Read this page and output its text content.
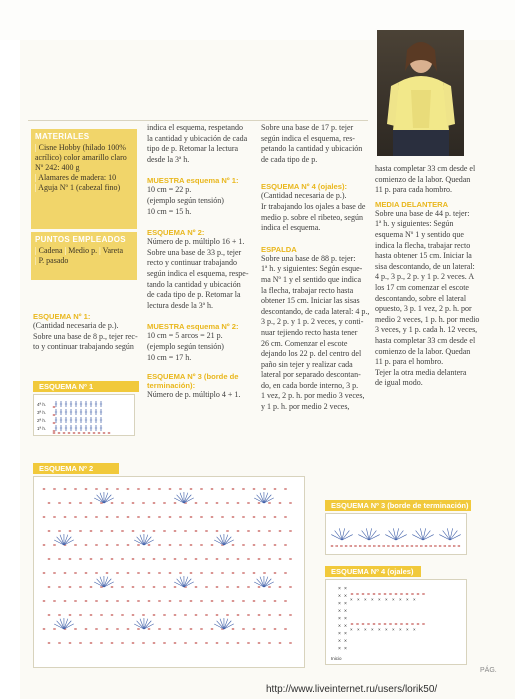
MATERIALES

| Cisne Hobby (hilado 100%

acrílico) color amarillo claro

Nº 242: 400 g

| Alamares de madera: 10

| Aguja Nº 1 (cabezal fino)

PUNTOS EMPLEADOS

| Cadena | Medio p. | Vareta

| P. pasado

ESQUEMA Nº 1:

(Cantidad necesaria de p.).

Sobre una base de 8 p., tejer rec-

to y continuar trabajando según

indica el esquema, respetando

la cantidad y ubicación de cada

tipo de p. Retomar la lectura

desde la 3ª h.

MUESTRA esquema Nº 1:

10 cm = 22 p.

(ejemplo según tensión)

10 cm = 15 h.

ESQUEMA Nº 2:

Número de p. múltiplo 16 + 1.

Sobre una base de 33 p., tejer

recto y continuar trabajando

según indica el esquema, respe-

tando la cantidad y ubicación

de cada tipo de p. Retomar la

lectura desde la 3ª h.

MUESTRA esquema Nº 2:

10 cm = 5 arcos = 21 p.

(ejemplo según tensión)

10 cm = 17 h.

ESQUEMA Nº 3 (borde de

terminación):

Número de p. múltiplo 4 + 1.

Sobre una base de 17 p. tejer

según indica el esquema, res-

petando la cantidad y ubicación

de cada tipo de p.

ESQUEMA Nº 4 (ojales):

(Cantidad necesaria de p.).

Ir trabajando los ojales a base de

medio p. sobre el ribeteo, según

indica el esquema.

ESPALDA

Sobre una base de 88 p. tejer:

1ª h. y siguientes: Según esque-

ma Nº 1 y el sentido que indica

la flecha, trabajar recto hasta

obtener 15 cm. Iniciar las sisas

descontando, de cada lateral: 4 p.,

3 p., 2 p. y 1 p. 2 veces, y conti-

nuar tejiendo recto hasta tener

26 cm. Comenzar el escote

dejando los 22 p. del centro del

paño sin tejer y realizar cada

lateral por separado descontan-

do, en cada borde interno, 3 p.

1 vez, 2 p. h. por medio 3 veces,

y 1 p. h. por medio 2 veces,

hasta completar 33 cm desde el

comienzo de la labor. Quedan

11 p. para cada hombro.

MEDIA DELANTERA

Sobre una base de 44 p. tejer:

1ª h. y siguientes: Según

esquema Nº 1 y sentido que

indica la flecha, trabajar recto

hasta obtener 15 cm. Iniciar la

sisa descontando, de un lateral:

4 p., 3 p., 2 p. y 1 p. 2 veces. A

los 17 cm comenzar el escote

descontando, sobre el lateral

opuesto, 3 p. 1 vez, 2 p. h. por

medio 2 veces, 1 p. h. por medio

3 veces, y 1 p. cada h. 12 veces,

hasta completar 33 cm desde el

comienzo de la labor. Quedan

11 p. para el hombro.

Tejer la otra media delantera

de igual modo.

ESQUEMA Nº 1
4ª h.
3ª h.
2ª h.
1ª h.
ESQUEMA Nº 2
ESQUEMA Nº 3 (borde de terminación)
ESQUEMA Nº 4 (ojales)
× ×
× ×
× ×
× ×
× ×
× ×
× ×
× ×
× ×
× × × × × × × × × ×
× × × × × × × × × ×
Inicio
PÁG.
http://www.liveinternet.ru/users/lorik50/
